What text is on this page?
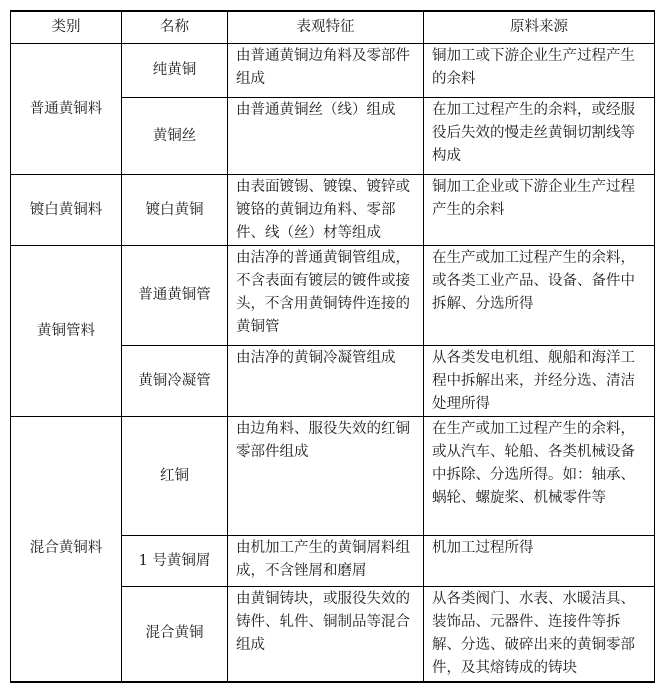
类别	名称	表观特征	原料来源
普通黄铜料	纯黄铜	由普通黄铜边角料及零部件组成	铜加工或下游企业生产过程产生的余料
	黄铜丝	由普通黄铜丝（线）组成	在加工过程产生的余料，或经服役后失效的慢走丝黄铜切割线等构成
镀白黄铜料	镀白黄铜	由表面镀锡、镀镍、镀锌或镀铬的黄铜边角料、零部件、线（丝）材等组成	铜加工企业或下游企业生产过程产生的余料
黄铜管料	普通黄铜管	由洁净的普通黄铜管组成，不含表面有镀层的镀件或接头，不含用黄铜铸件连接的黄铜管	在生产或加工过程产生的余料，或各类工业产品、设备、备件中拆解、分选所得
	黄铜冷凝管	由洁净的黄铜冷凝管组成	从各类发电机组、舰船和海洋工程中拆解出来，并经分选、清洁处理所得
混合黄铜料	红铜	由边角料、服役失效的红铜零部件组成	在生产或加工过程产生的余料，或从汽车、轮船、各类机械设备中拆除、分选所得。如：轴承、蜗轮、螺旋桨、机械零件等
	1 号黄铜屑	由机加工产生的黄铜屑料组成，不含锉屑和磨屑	机加工过程所得
	混合黄铜	由黄铜铸块，或服役失效的铸件、轧件、铜制品等混合组成	从各类阀门、水表、水暖洁具、装饰品、元器件、连接件等拆解、分选、破碎出来的黄铜零部件，及其熔铸成的铸块
